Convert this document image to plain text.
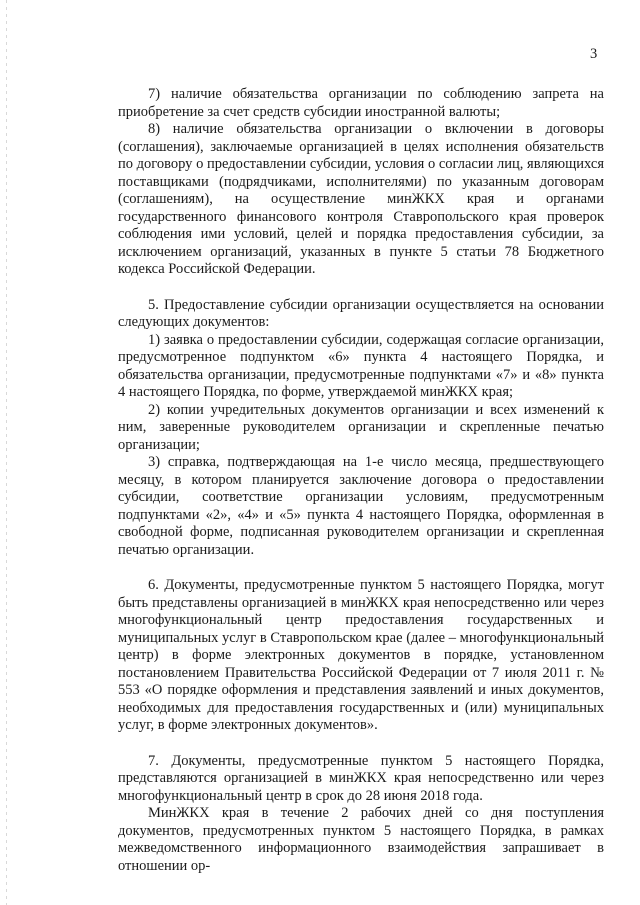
3

7) наличие обязательства организации по соблюдению запрета на приобретение за счет средств субсидии иностранной валюты;

8) наличие обязательства организации о включении в договоры (соглашения), заключаемые организацией в целях исполнения обязательств по договору о предоставлении субсидии, условия о согласии лиц, являющихся поставщиками (подрядчиками, исполнителями) по указанным договорам (соглашениям), на осуществление минЖКХ края и органами государственного финансового контроля Ставропольского края проверок соблюдения ими условий, целей и порядка предоставления субсидии, за исключением организаций, указанных в пункте 5 статьи 78 Бюджетного кодекса Российской Федерации.

5. Предоставление субсидии организации осуществляется на основании следующих документов:

1) заявка о предоставлении субсидии, содержащая согласие организации, предусмотренное подпунктом «6» пункта 4 настоящего Порядка, и обязательства организации, предусмотренные подпунктами «7» и «8» пункта 4 настоящего Порядка, по форме, утверждаемой минЖКХ края;

2) копии учредительных документов организации и всех изменений к ним, заверенные руководителем организации и скрепленные печатью организации;

3) справка, подтверждающая на 1-е число месяца, предшествующего месяцу, в котором планируется заключение договора о предоставлении субсидии, соответствие организации условиям, предусмотренным подпунктами «2», «4» и «5» пункта 4 настоящего Порядка, оформленная в свободной форме, подписанная руководителем организации и скрепленная печатью организации.

6. Документы, предусмотренные пунктом 5 настоящего Порядка, могут быть представлены организацией в минЖКХ края непосредственно или через многофункциональный центр предоставления государственных и муниципальных услуг в Ставропольском крае (далее – многофункциональный центр) в форме электронных документов в порядке, установленном постановлением Правительства Российской Федерации от 7 июля 2011 г. № 553 «О порядке оформления и представления заявлений и иных документов, необходимых для предоставления государственных и (или) муниципальных услуг, в форме электронных документов».

7. Документы, предусмотренные пунктом 5 настоящего Порядка, представляются организацией в минЖКХ края непосредственно или через многофункциональный центр в срок до 28 июня 2018 года.

МинЖКХ края в течение 2 рабочих дней со дня поступления документов, предусмотренных пунктом 5 настоящего Порядка, в рамках межведомственного информационного взаимодействия запрашивает в отношении ор-
